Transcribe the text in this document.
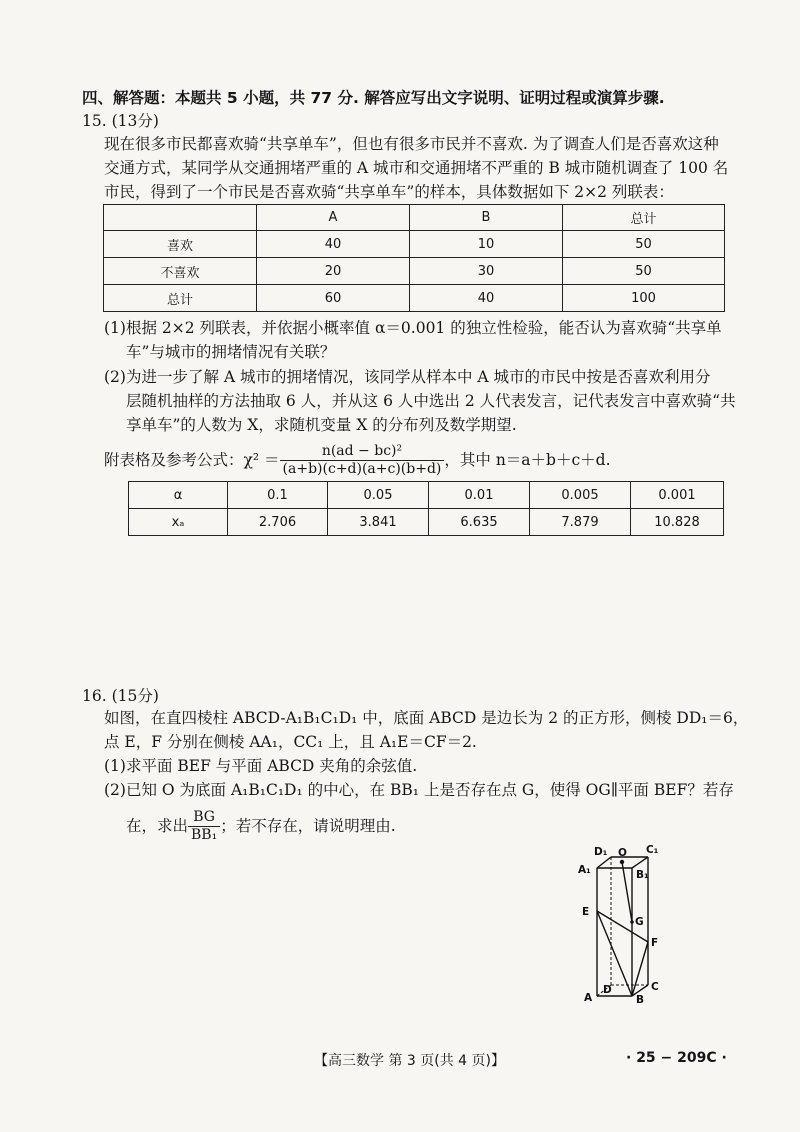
四、解答题：本题共 5 小题，共 77 分. 解答应写出文字说明、证明过程或演算步骤.
15. (13分)
现在很多市民都喜欢骑“共享单车”，但也有很多市民并不喜欢. 为了调查人们是否喜欢这种
交通方式，某同学从交通拥堵严重的 A 城市和交通拥堵不严重的 B 城市随机调查了 100 名
市民，得到了一个市民是否喜欢骑“共享单车”的样本，具体数据如下 2×2 列联表：
	A	B	总计
喜欢	40	10	50
不喜欢	20	30	50
总计	60	40	100
(1)根据 2×2 列联表，并依据小概率值 α＝0.001 的独立性检验，能否认为喜欢骑“共享单
车”与城市的拥堵情况有关联？
(2)为进一步了解 A 城市的拥堵情况，该同学从样本中 A 城市的市民中按是否喜欢利用分
层随机抽样的方法抽取 6 人，并从这 6 人中选出 2 人代表发言，记代表发言中喜欢骑“共
享单车”的人数为 X，求随机变量 X 的分布列及数学期望.
附表格及参考公式：$\chi^2 = \frac{\text{n(ad − bc)²}}{(a+b)(c+d)(a+c)(b+d)}$ ，其中 n＝a＋b＋c＋d.
α	0.1	0.05	0.01	0.005	0.001
xₐ	2.706	3.841	6.635	7.879	10.828
16. (15分)
如图，在直四棱柱 ABCD-A₁B₁C₁D₁ 中，底面 ABCD 是边长为 2 的正方形，侧棱 DD₁＝6，
点 E，F 分别在侧棱 AA₁，CC₁ 上，且 A₁E＝CF＝2.
(1)求平面 BEF 与平面 ABCD 夹角的余弦值.
(2)已知 O 为底面 A₁B₁C₁D₁ 的中心，在 BB₁ 上是否存在点 G，使得 OG∥平面 BEF？若存
在，求出 $\frac{BG}{\text{BB₁}}$ ；若不存在，请说明理由.
D₁	C₁
A₁	B₁
O
E
G
F
A
D
B
C
【高三数学 第 3 页(共 4 页)】	· 25 − 209C ·
